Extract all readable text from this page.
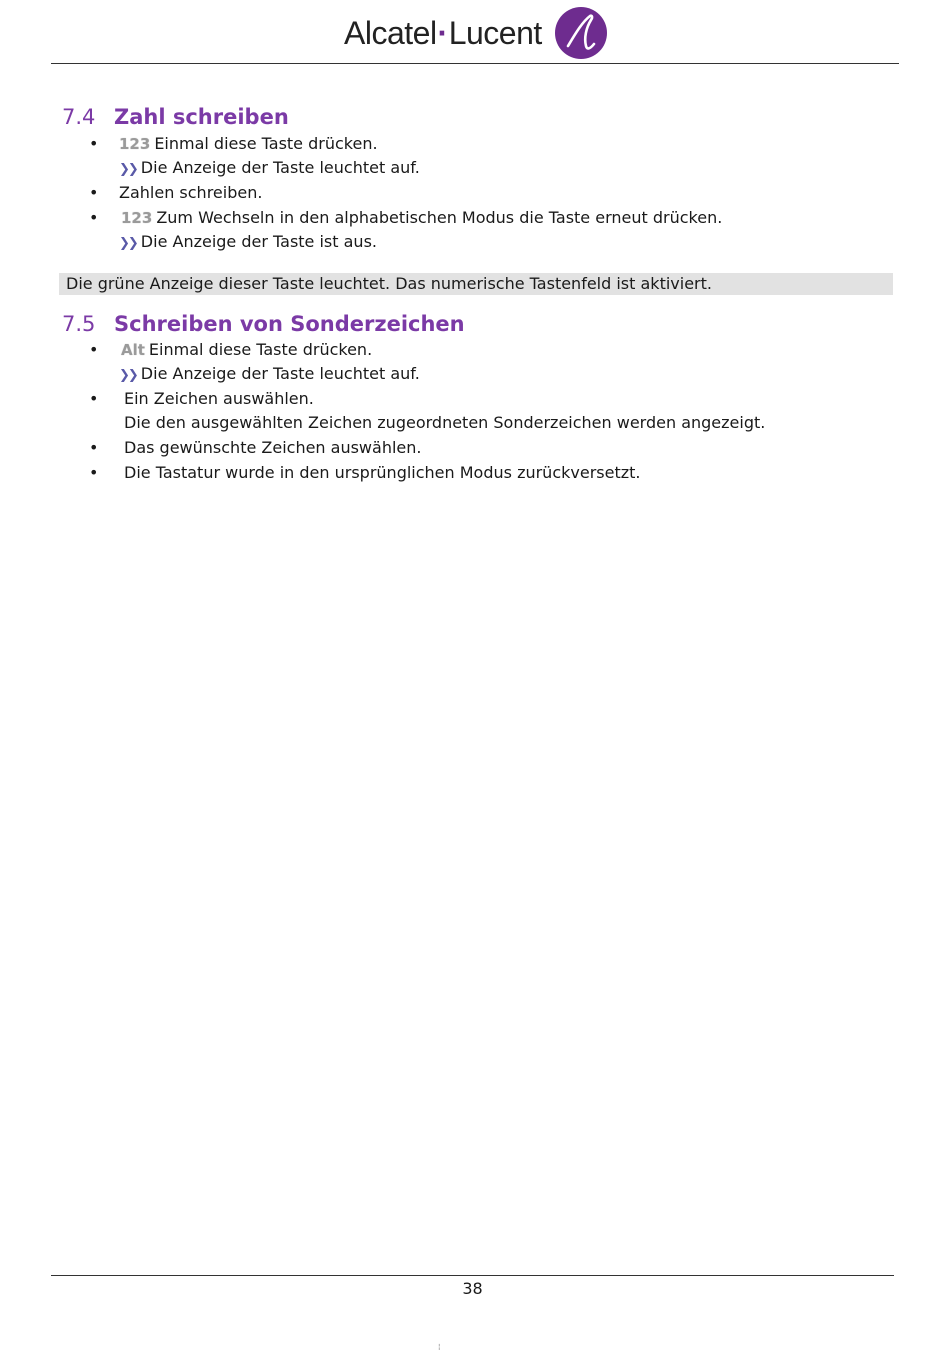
Alcatel·Lucent
7.4 Zahl schreiben
• 123 Einmal diese Taste drücken.
❯❯ Die Anzeige der Taste leuchtet auf.
• Zahlen schreiben.
• 123 Zum Wechseln in den alphabetischen Modus die Taste erneut drücken.
❯❯ Die Anzeige der Taste ist aus.
Die grüne Anzeige dieser Taste leuchtet. Das numerische Tastenfeld ist aktiviert.
7.5 Schreiben von Sonderzeichen
• Alt Einmal diese Taste drücken.
❯❯ Die Anzeige der Taste leuchtet auf.
• Ein Zeichen auswählen.
Die den ausgewählten Zeichen zugeordneten Sonderzeichen werden angezeigt.
• Das gewünschte Zeichen auswählen.
• Die Tastatur wurde in den ursprünglichen Modus zurückversetzt.
38
¦
